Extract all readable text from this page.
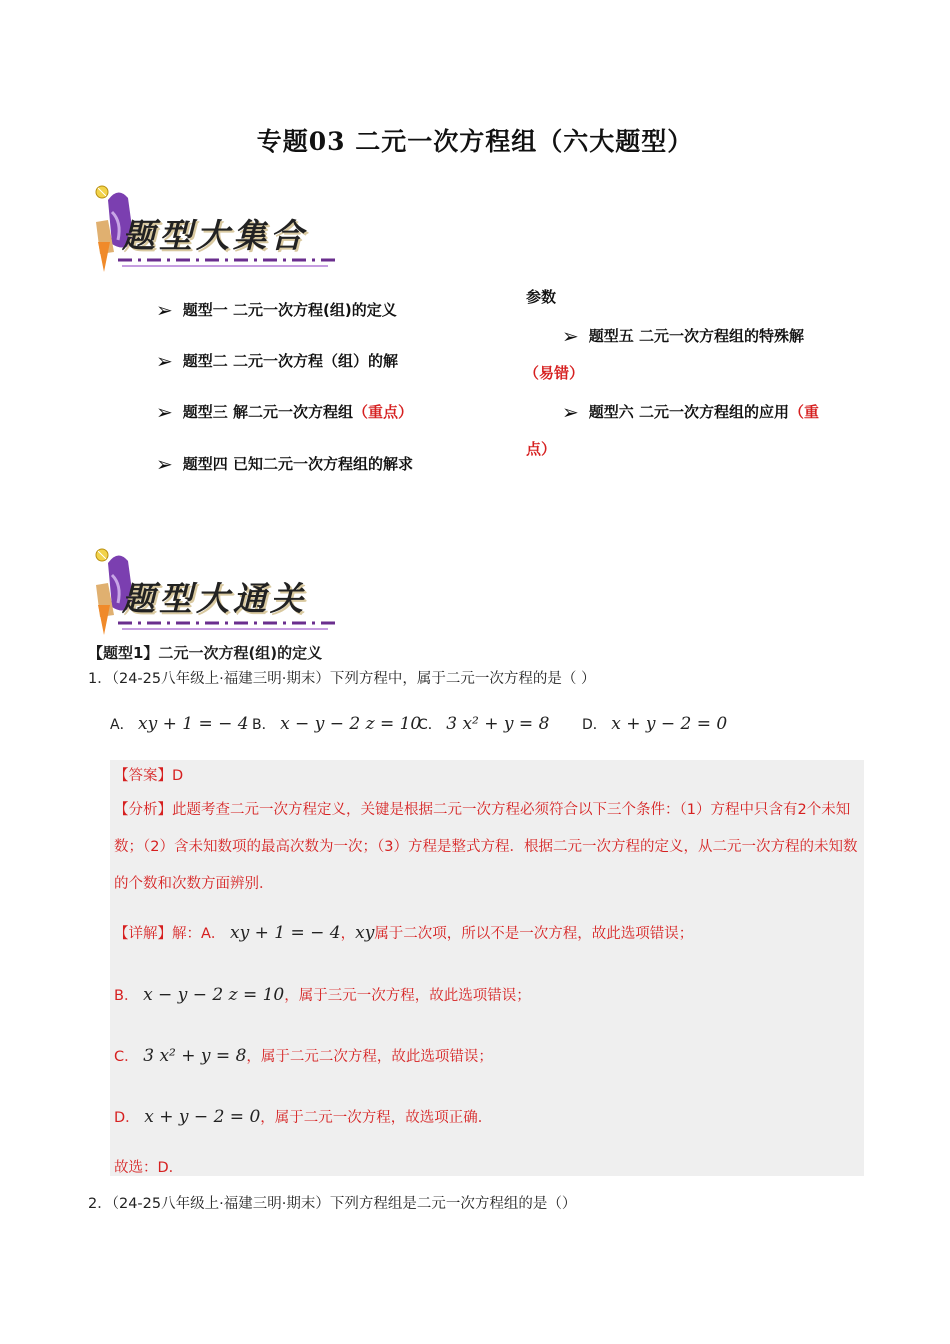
专题03 二元一次方程组（六大题型）
题型大集合
➢ 题型一 二元一次方程(组)的定义
➢ 题型二 二元一次方程（组）的解
➢ 题型三 解二元一次方程组（重点）
➢ 题型四 已知二元一次方程组的解求
参数
➢ 题型五 二元一次方程组的特殊解
（易错）
➢ 题型六 二元一次方程组的应用（重
点）
题型大通关
【题型1】二元一次方程(组)的定义
1．（24-25八年级上·福建三明·期末）下列方程中，属于二元一次方程的是（ ）
A． xy + 1 = − 4 B． x − y − 2 z = 10
C． 3 x² + y = 8 D． x + y − 2 = 0
【答案】D
【分析】此题考查二元一次方程定义，关键是根据二元一次方程必须符合以下三个条件：（1）方程中只含有2个未知数；（2）含未知数项的最高次数为一次；（3）方程是整式方程．根据二元一次方程的定义，从二元一次方程的未知数的个数和次数方面辨别．
【详解】解：A． xy + 1 = − 4，xy属于二次项，所以不是一次方程，故此选项错误；
B． x − y − 2 z = 10，属于三元一次方程，故此选项错误；
C． 3 x² + y = 8，属于二元二次方程，故此选项错误；
D． x + y − 2 = 0，属于二元一次方程，故选项正确．
故选：D．
2．（24-25八年级上·福建三明·期末）下列方程组是二元一次方程组的是（）
